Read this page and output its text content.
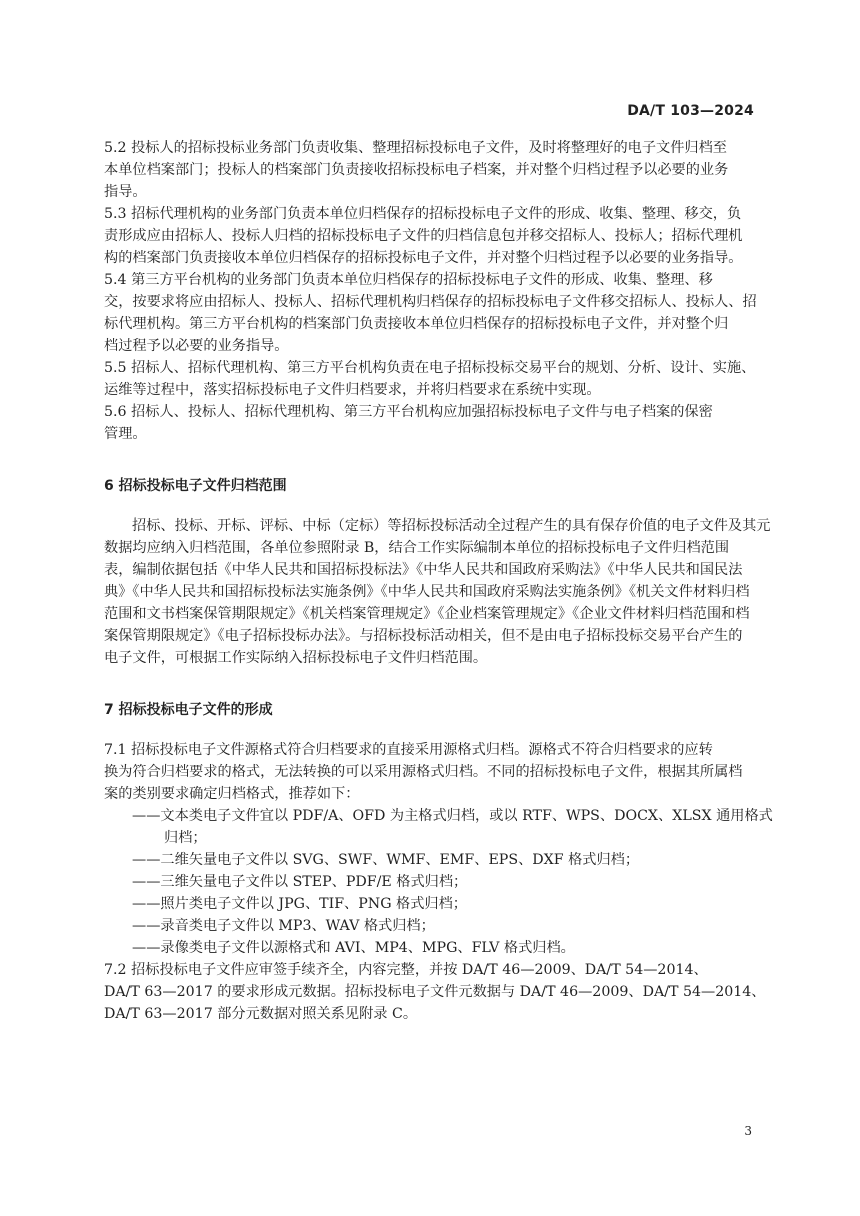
DA/T 103—2024
5.2 投标人的招标投标业务部门负责收集、整理招标投标电子文件，及时将整理好的电子文件归档至
本单位档案部门；投标人的档案部门负责接收招标投标电子档案，并对整个归档过程予以必要的业务
指导。
5.3 招标代理机构的业务部门负责本单位归档保存的招标投标电子文件的形成、收集、整理、移交，负
责形成应由招标人、投标人归档的招标投标电子文件的归档信息包并移交招标人、投标人；招标代理机
构的档案部门负责接收本单位归档保存的招标投标电子文件，并对整个归档过程予以必要的业务指导。
5.4 第三方平台机构的业务部门负责本单位归档保存的招标投标电子文件的形成、收集、整理、移
交，按要求将应由招标人、投标人、招标代理机构归档保存的招标投标电子文件移交招标人、投标人、招
标代理机构。第三方平台机构的档案部门负责接收本单位归档保存的招标投标电子文件，并对整个归
档过程予以必要的业务指导。
5.5 招标人、招标代理机构、第三方平台机构负责在电子招标投标交易平台的规划、分析、设计、实施、
运维等过程中，落实招标投标电子文件归档要求，并将归档要求在系统中实现。
5.6 招标人、投标人、招标代理机构、第三方平台机构应加强招标投标电子文件与电子档案的保密
管理。
6 招标投标电子文件归档范围
招标、投标、开标、评标、中标（定标）等招标投标活动全过程产生的具有保存价值的电子文件及其元
数据均应纳入归档范围，各单位参照附录 B，结合工作实际编制本单位的招标投标电子文件归档范围
表，编制依据包括《中华人民共和国招标投标法》《中华人民共和国政府采购法》《中华人民共和国民法
典》《中华人民共和国招标投标法实施条例》《中华人民共和国政府采购法实施条例》《机关文件材料归档
范围和文书档案保管期限规定》《机关档案管理规定》《企业档案管理规定》《企业文件材料归档范围和档
案保管期限规定》《电子招标投标办法》。与招标投标活动相关，但不是由电子招标投标交易平台产生的
电子文件，可根据工作实际纳入招标投标电子文件归档范围。
7 招标投标电子文件的形成
7.1 招标投标电子文件源格式符合归档要求的直接采用源格式归档。源格式不符合归档要求的应转
换为符合归档要求的格式，无法转换的可以采用源格式归档。不同的招标投标电子文件，根据其所属档
案的类别要求确定归档格式，推荐如下：
——文本类电子文件宜以 PDF/A、OFD 为主格式归档，或以 RTF、WPS、DOCX、XLSX 通用格式
归档；
——二维矢量电子文件以 SVG、SWF、WMF、EMF、EPS、DXF 格式归档；
——三维矢量电子文件以 STEP、PDF/E 格式归档；
——照片类电子文件以 JPG、TIF、PNG 格式归档；
——录音类电子文件以 MP3、WAV 格式归档；
——录像类电子文件以源格式和 AVI、MP4、MPG、FLV 格式归档。
7.2 招标投标电子文件应审签手续齐全，内容完整，并按 DA/T 46—2009、DA/T 54—2014、
DA/T 63—2017 的要求形成元数据。招标投标电子文件元数据与 DA/T 46—2009、DA/T 54—2014、
DA/T 63—2017 部分元数据对照关系见附录 C。
3
